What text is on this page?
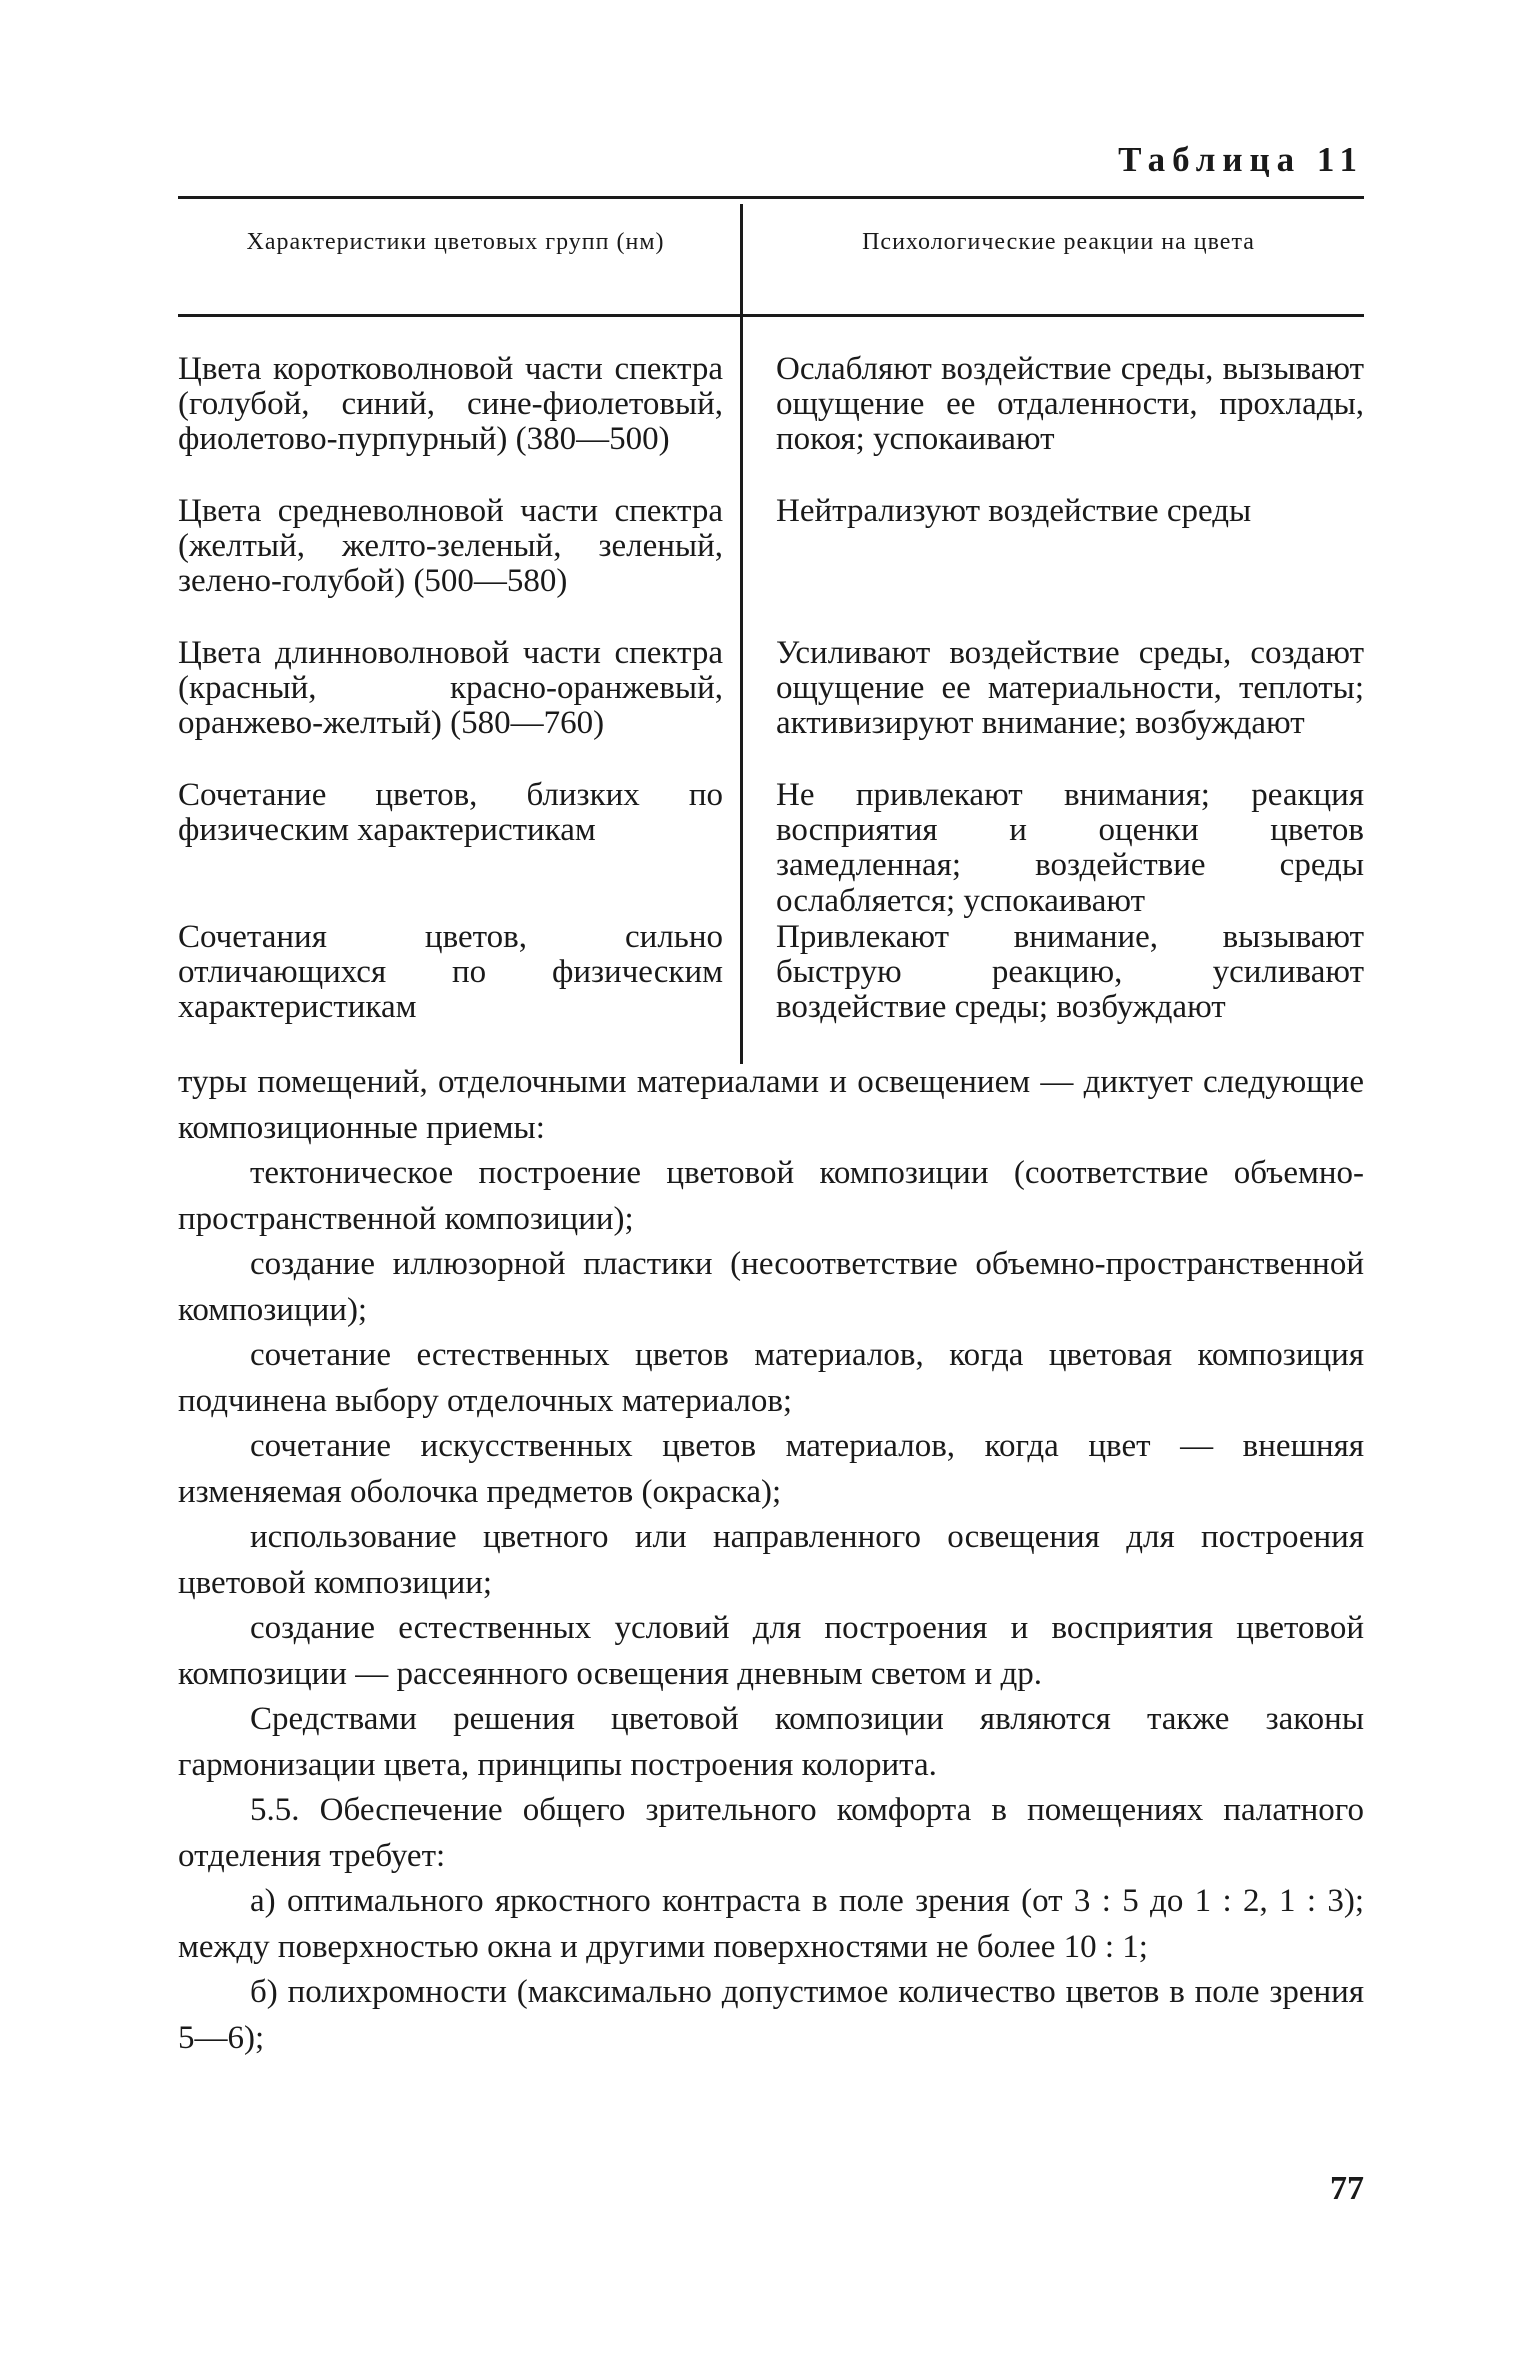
Таблица 11
Характеристики цветовых групп (нм)	Психологические реакции на цвета
Цвета коротковолновой части спектра (голубой, синий, сине-фиолетовый, фиолетово-пурпурный) (380—500)
Ослабляют воздействие среды, вызывают ощущение ее отдаленности, прохлады, покоя; успокаивают
Цвета средневолновой части спектра (желтый, желто-зеленый, зеленый, зелено-голубой) (500—580)
Нейтрализуют воздействие среды
Цвета длинноволновой части спектра (красный, красно-оранжевый, оранжево-желтый) (580—760)
Усиливают воздействие среды, создают ощущение ее материальности, теплоты; активизируют внимание; возбуждают
Сочетание цветов, близких по физическим характеристикам
Не привлекают внимания; реакция восприятия и оценки цветов замедленная; воздействие среды ослабляется; успокаивают
Сочетания цветов, сильно отличающихся по физическим характеристикам
Привлекают внимание, вызывают быструю реакцию, усиливают воздействие среды; возбуждают

туры помещений, отделочными материалами и освещением — диктует следующие композиционные приемы:

тектоническое построение цветовой композиции (соответствие объемно-пространственной композиции);

создание иллюзорной пластики (несоответствие объемно-пространственной композиции);

сочетание естественных цветов материалов, когда цветовая композиция подчинена выбору отделочных материалов;

сочетание искусственных цветов материалов, когда цвет — внешняя изменяемая оболочка предметов (окраска);

использование цветного или направленного освещения для построения цветовой композиции;

создание естественных условий для построения и восприятия цветовой композиции — рассеянного освещения дневным светом и др.

Средствами решения цветовой композиции являются также законы гармонизации цвета, принципы построения колорита.

5.5. Обеспечение общего зрительного комфорта в помещениях палатного отделения требует:

а) оптимального яркостного контраста в поле зрения (от 3 : 5 до 1 : 2, 1 : 3); между поверхностью окна и другими поверхностями не более 10 : 1;

б) полихромности (максимально допустимое количество цветов в поле зрения 5—6);

77
